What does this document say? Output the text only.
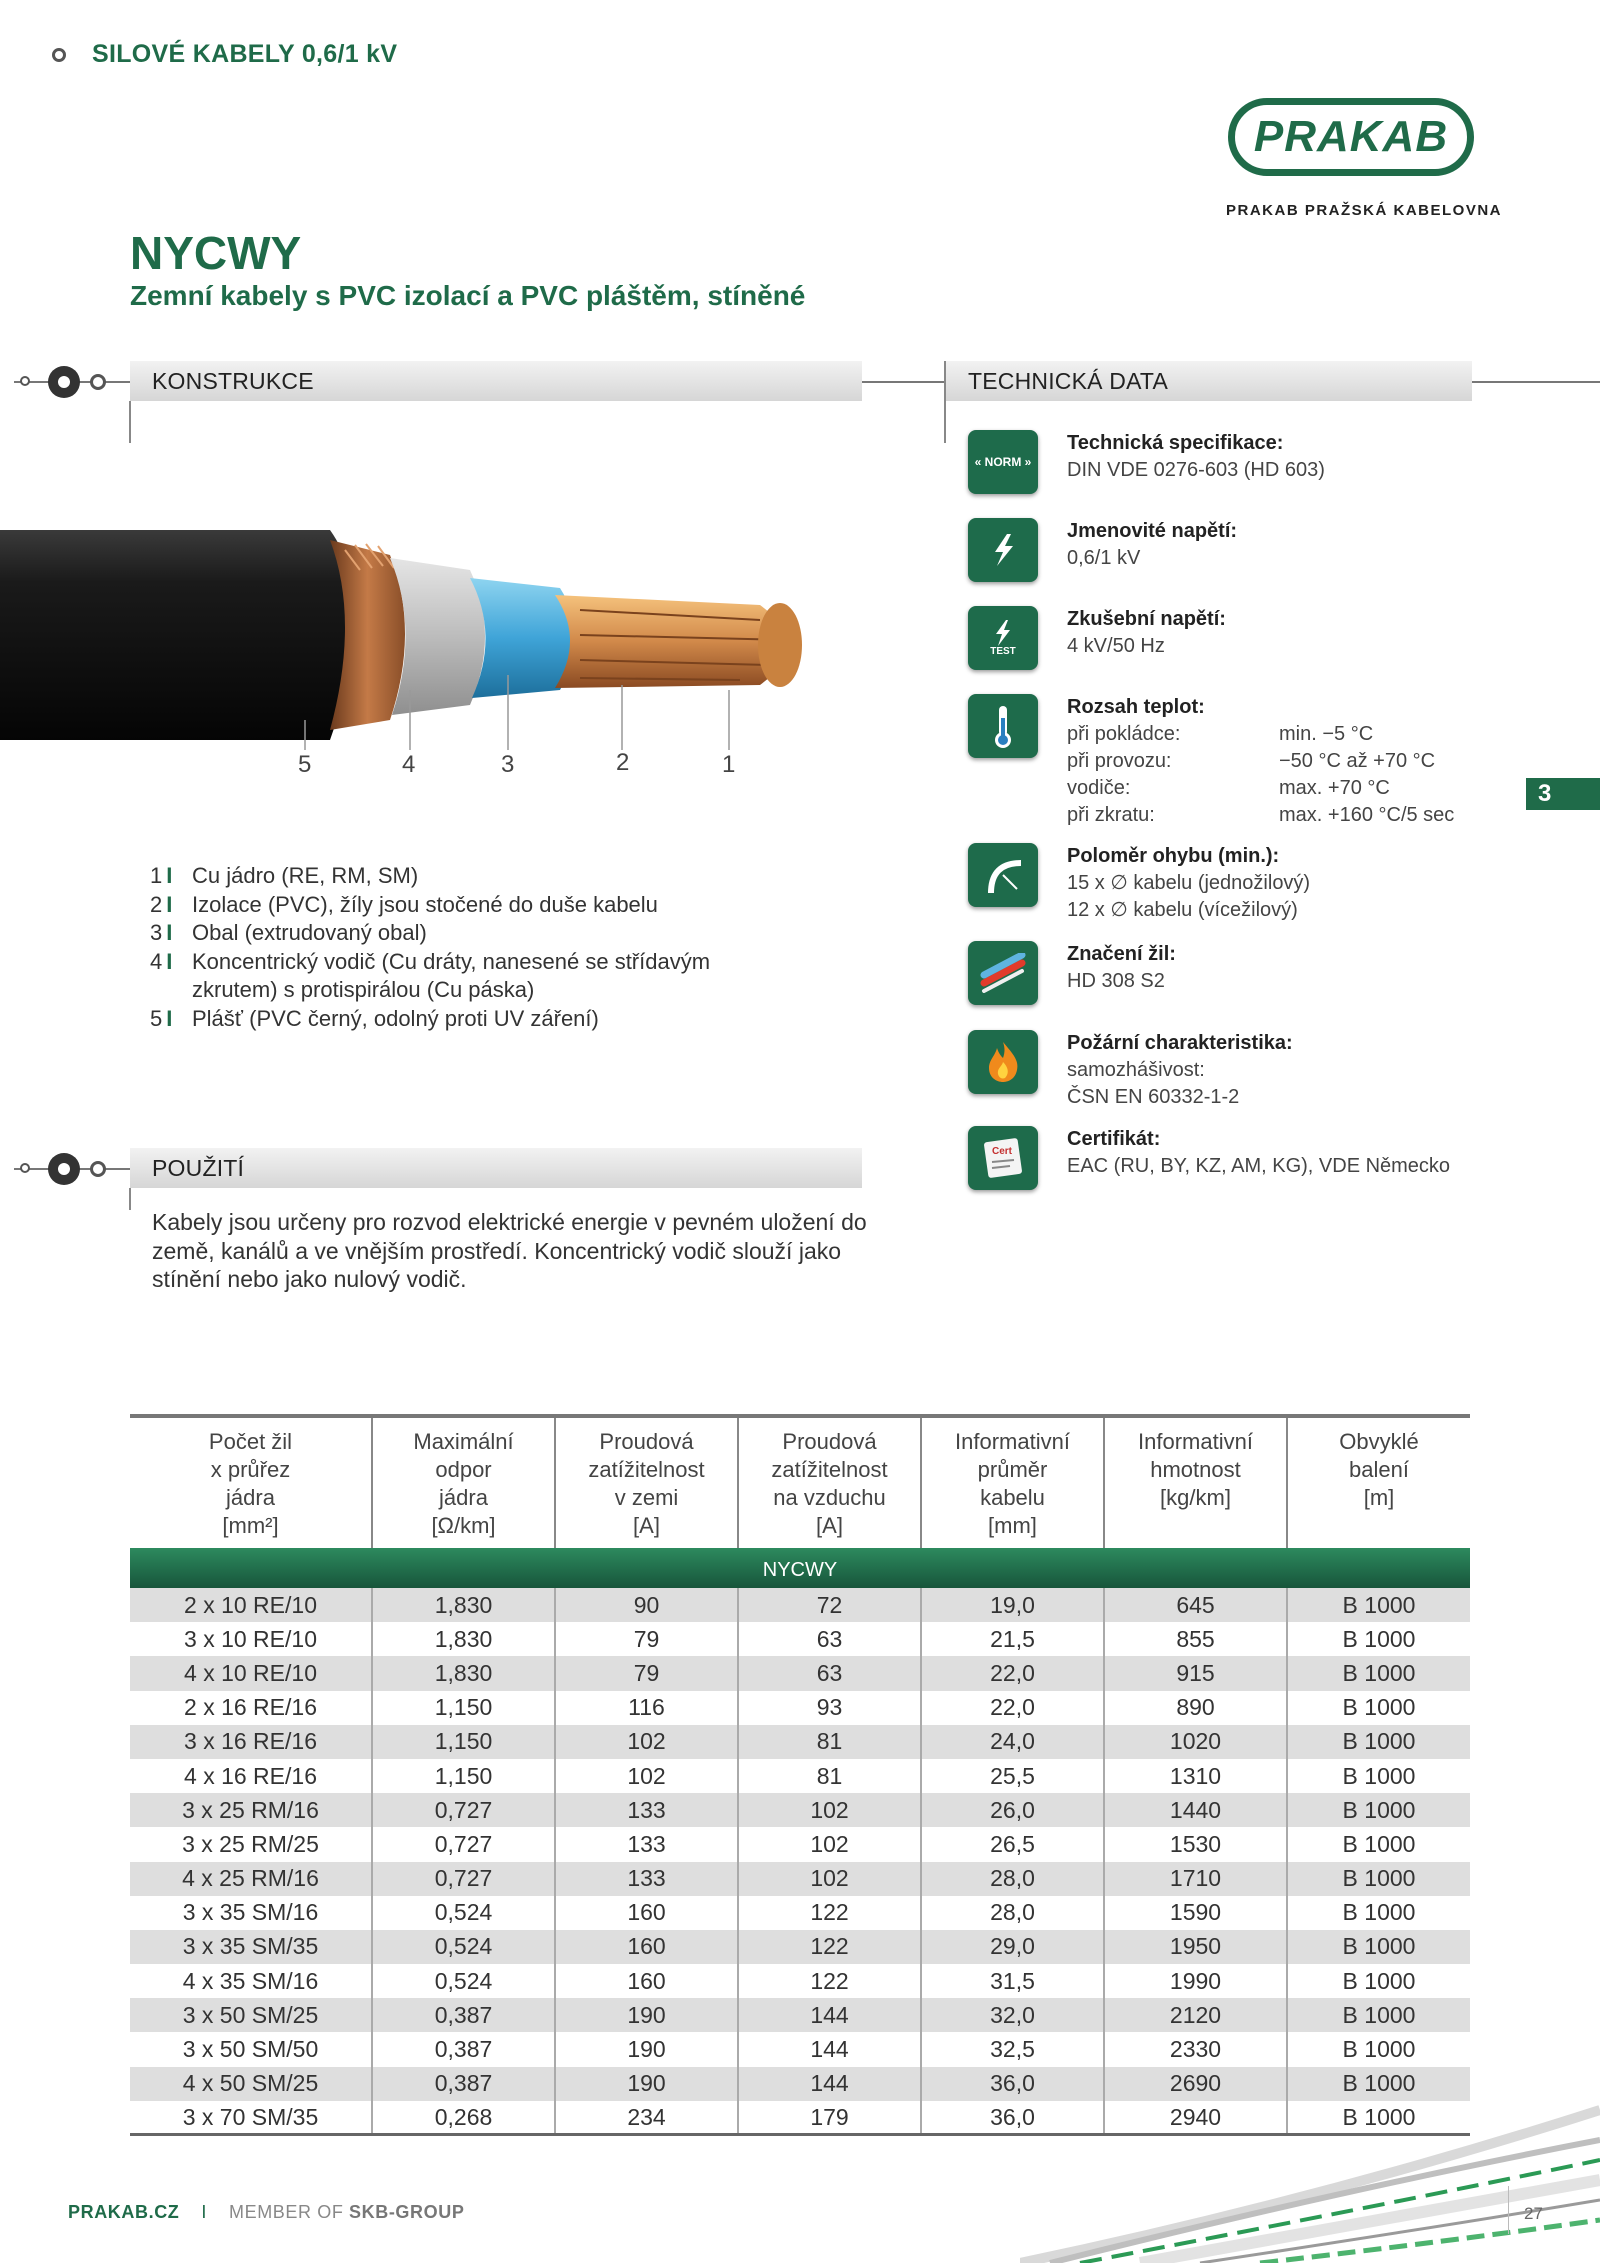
SILOVÉ KABELY 0,6/1 kV
PRAKAB
PRAKAB PRAŽSKÁ KABELOVNA
NYCWY
Zemní kabely s PVC izolací a PVC pláštěm, stíněné
KONSTRUKCE	TECHNICKÁ DATA
5	4	3	2	1
1 I Cu jádro (RE, RM, SM)
2 I Izolace (PVC), žíly jsou stočené do duše kabelu
3 I Obal (extrudovaný obal)
4 I Koncentrický vodič (Cu dráty, nanesené se střídavým
zkrutem) s protispirálou (Cu páska)
5 I Plášť (PVC černý, odolný proti UV záření)
POUŽITÍ
Kabely jsou určeny pro rozvod elektrické energie v pevném uložení do země, kanálů a ve vnějším prostředí. Koncentrický vodič slouží jako stínění nebo jako nulový vodič.
« NORM »
Technická specifikace:
DIN VDE 0276-603 (HD 603)
Jmenovité napětí:
0,6/1 kV
TEST
Zkušební napětí:
4 kV/50 Hz
Rozsah teplot:
při pokládce:	min. −5 °C
při provozu:	−50 °C až +70 °C
vodiče:	max. +70 °C
při zkratu:	max. +160 °C/5 sec
Poloměr ohybu (min.):
15 x ∅ kabelu (jednožilový)
12 x ∅ kabelu (vícežilový)
Značení žil:
HD 308 S2
Požární charakteristika:
samozhášivost:
ČSN EN 60332-1-2
Cert
Certifikát:
EAC (RU, BY, KZ, AM, KG), VDE Německo
3
Počet žil
x průřez
jádra
[mm²]	Maximální
odpor
jádra
[Ω/km]	Proudová
zatížitelnost
v zemi
[A]	Proudová
zatížitelnost
na vzduchu
[A]	Informativní
průměr
kabelu
[mm]	Informativní
hmotnost
[kg/km]	Obvyklé
balení
[m]
NYCWY						
2 x 10 RE/10	1,830	90	72	19,0	645	B 1000
3 x 10 RE/10	1,830	79	63	21,5	855	B 1000
4 x 10 RE/10	1,830	79	63	22,0	915	B 1000
2 x 16 RE/16	1,150	116	93	22,0	890	B 1000
3 x 16 RE/16	1,150	102	81	24,0	1020	B 1000
4 x 16 RE/16	1,150	102	81	25,5	1310	B 1000
3 x 25 RM/16	0,727	133	102	26,0	1440	B 1000
3 x 25 RM/25	0,727	133	102	26,5	1530	B 1000
4 x 25 RM/16	0,727	133	102	28,0	1710	B 1000
3 x 35 SM/16	0,524	160	122	28,0	1590	B 1000
3 x 35 SM/35	0,524	160	122	29,0	1950	B 1000
4 x 35 SM/16	0,524	160	122	31,5	1990	B 1000
3 x 50 SM/25	0,387	190	144	32,0	2120	B 1000
3 x 50 SM/50	0,387	190	144	32,5	2330	B 1000
4 x 50 SM/25	0,387	190	144	36,0	2690	B 1000
3 x 70 SM/35	0,268	234	179	36,0	2940	B 1000
PRAKAB.CZ I MEMBER OF SKB-GROUP	27
